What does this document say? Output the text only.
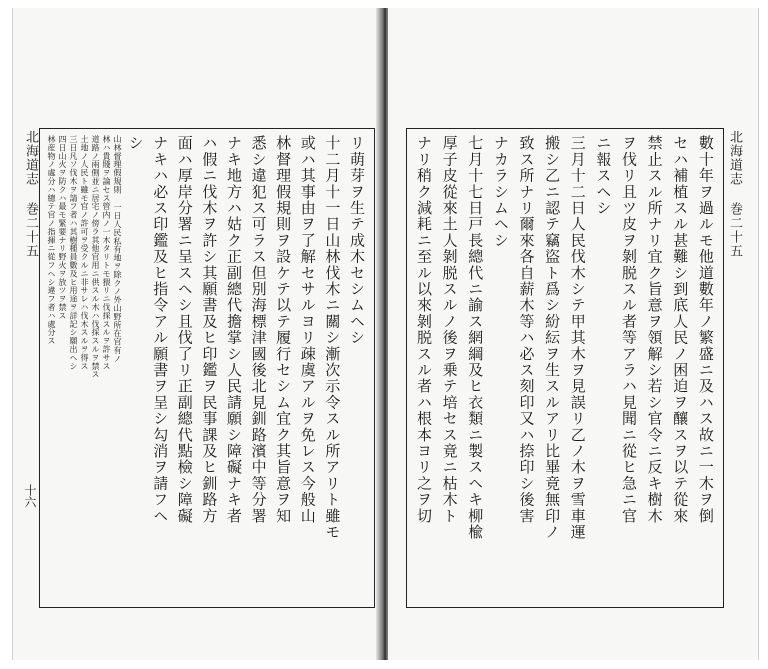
北海道志 巻二十五
十六
リ萌芽ヲ生テ成木セシムヘシ
十二月十一日山林伐木ニ關シ漸次示令スル所アリト雖モ
或ハ其事由ヲ了解セサルヨリ疎虞アルヲ免レス今般山
林督理假規則ヲ設ケテ以テ履行セシム宜ク其旨意ヲ知
悉シ違犯ス可ラス但別海標津國後北見釧路濱中等分署
ナキ地方ハ姑ク正副總代擔掌シ人民請願シ障礙ナキ者
ハ假ニ伐木ヲ許シ其願書及ヒ印鑑ヲ民事課及ヒ釧路方
面ハ厚岸分署ニ呈スヘシ且伐了リ正副總代點檢シ障礙
ナキハ必ス印鑑及ヒ指令アル願書ヲ呈シ勾消ヲ請フヘ
シ
山林督理假規則 一日人民私有地ヲ除クノ外山野所在官有ノ
林ハ貴賤ヲ論セス管内ノ一木タリトモ猥リニ伐採スルヲ許サス
道路ノ兩側並ニ居宅ノ傍ラ其他官用ニ供スル木ハ伐採スルヲ禁ス
土地ノ人民ト雖モ官ノ許可ヲ受クルニ非サレハ伐木スルヲ得ス
三日凡ソ伐木ヲ請フ者ハ其樹種員數及ヒ用途ヲ詳記シ願出ヘシ
四日山火ヲ防クハ最モ緊要ナリ野火ヲ放ツヲ禁ス
林産物ノ處分ハ總テ官ノ指揮ニ從フヘシ違フ者ハ處分ス	北海道志 巻二十五
數十年ヲ過ルモ他道數年ノ繁盛ニ及ハス故ニ一木ヲ倒
セハ補植スル甚難シ到底人民ノ困迫ヲ釀スヲ以テ從來
禁止スル所ナリ宜ク旨意ヲ領解シ若シ官令ニ反キ樹木
ヲ伐リ且ツ皮ヲ剝脱スル者等アラハ見聞ニ從ヒ急ニ官
ニ報スヘシ
三月十二日人民伐木シテ甲其木ヲ見誤リ乙ノ木ヲ雪車運
搬シ乙ニ認テ竊盜ト爲シ紛紜ヲ生スルアリ比畢竟無印ノ
致ス所ナリ爾來各自薪木等ハ必ス刻印又ハ捺印シ後害
ナカラシムヘシ
七月十七日戸長總代ニ諭ス網綱及ヒ衣類ニ製スヘキ柳楡
厚子皮從來土人剝脱スルノ後ヲ乗テ培セス竟ニ枯木ト
ナリ稍ク減耗ニ至ル以來剝脱スル者ハ根本ヨリ之ヲ切
